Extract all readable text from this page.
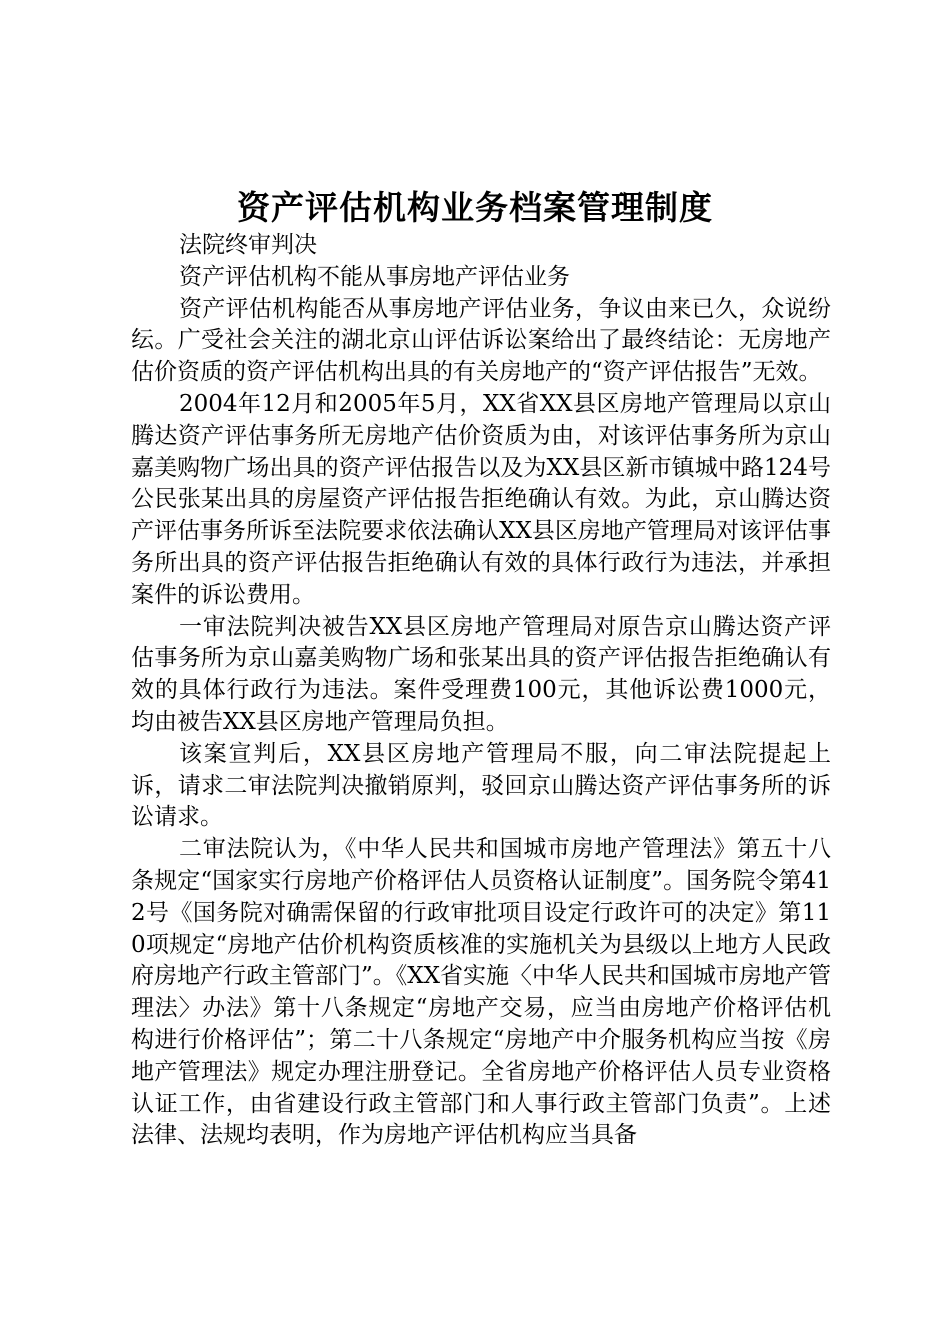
资产评估机构业务档案管理制度

法院终审判决

资产评估机构不能从事房地产评估业务

资产评估机构能否从事房地产评估业务，争议由来已久，众说纷纭。广受社会关注的湖北京山评估诉讼案给出了最终结论：无房地产估价资质的资产评估机构出具的有关房地产的“资产评估报告”无效。

2004年12月和2005年5月，XX省XX县区房地产管理局以京山腾达资产评估事务所无房地产估价资质为由，对该评估事务所为京山嘉美购物广场出具的资产评估报告以及为XX县区新市镇城中路124号公民张某出具的房屋资产评估报告拒绝确认有效。为此，京山腾达资产评估事务所诉至法院要求依法确认XX县区房地产管理局对该评估事务所出具的资产评估报告拒绝确认有效的具体行政行为违法，并承担案件的诉讼费用。

一审法院判决被告XX县区房地产管理局对原告京山腾达资产评估事务所为京山嘉美购物广场和张某出具的资产评估报告拒绝确认有效的具体行政行为违法。案件受理费100元，其他诉讼费1000元，均由被告XX县区房地产管理局负担。

该案宣判后，XX县区房地产管理局不服，向二审法院提起上诉，请求二审法院判决撤销原判，驳回京山腾达资产评估事务所的诉讼请求。

二审法院认为，《中华人民共和国城市房地产管理法》第五十八条规定“国家实行房地产价格评估人员资格认证制度”。国务院令第412号《国务院对确需保留的行政审批项目设定行政许可的决定》第110项规定“房地产估价机构资质核准的实施机关为县级以上地方人民政府房地产行政主管部门”。《XX省实施〈中华人民共和国城市房地产管理法〉办法》第十八条规定“房地产交易，应当由房地产价格评估机构进行价格评估”；第二十八条规定“房地产中介服务机构应当按《房地产管理法》规定办理注册登记。全省房地产价格评估人员专业资格认证工作，由省建设行政主管部门和人事行政主管部门负责”。上述法律、法规均表明，作为房地产评估机构应当具备
